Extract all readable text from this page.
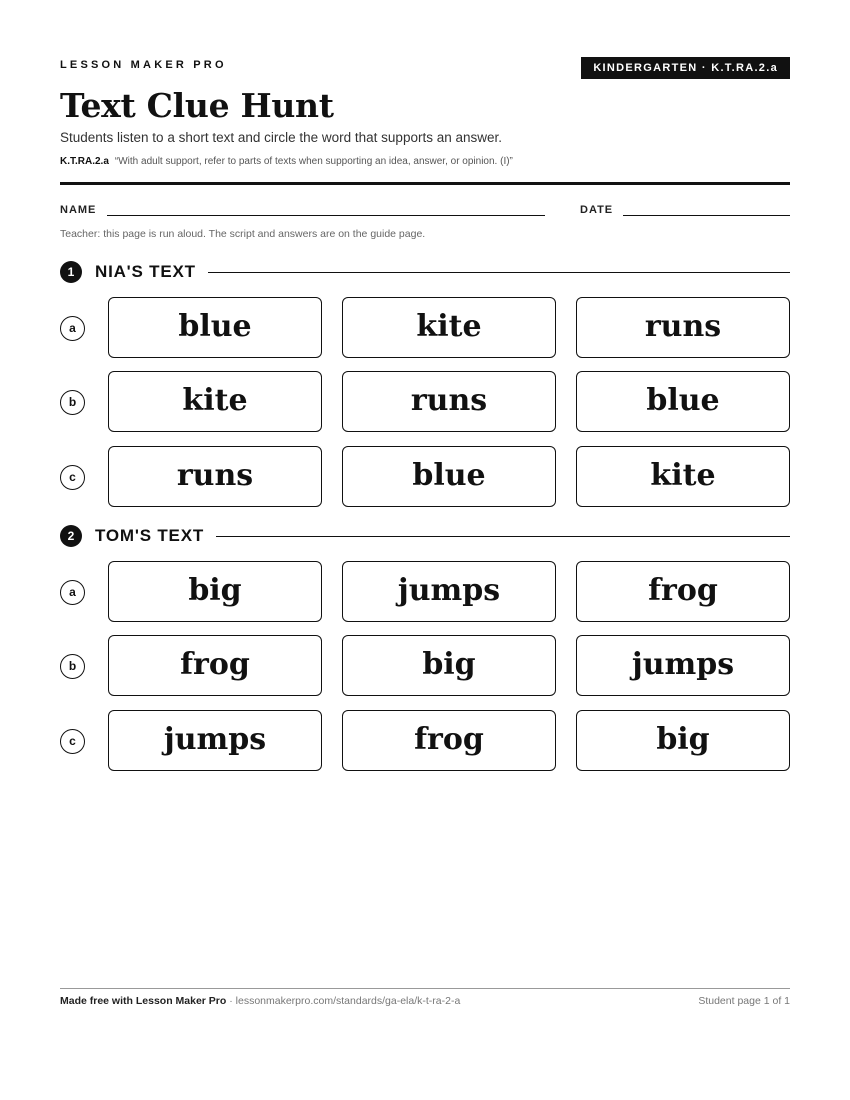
LESSON MAKER PRO	KINDERGARTEN · K.T.RA.2.a
Text Clue Hunt
Students listen to a short text and circle the word that supports an answer.
K.T.RA.2.a “With adult support, refer to parts of texts when supporting an idea, answer, or opinion. (I)”
NAME	DATE
Teacher: this page is run aloud. The script and answers are on the guide page.
1	NIA'S TEXT
a	blue	kite	runs
b	kite	runs	blue
c	runs	blue	kite
2	TOM'S TEXT
a	big	jumps	frog
b	frog	big	jumps
c	jumps	frog	big
Made free with Lesson Maker Pro · lessonmakerpro.com/standards/ga-ela/k-t-ra-2-a	Student page 1 of 1
